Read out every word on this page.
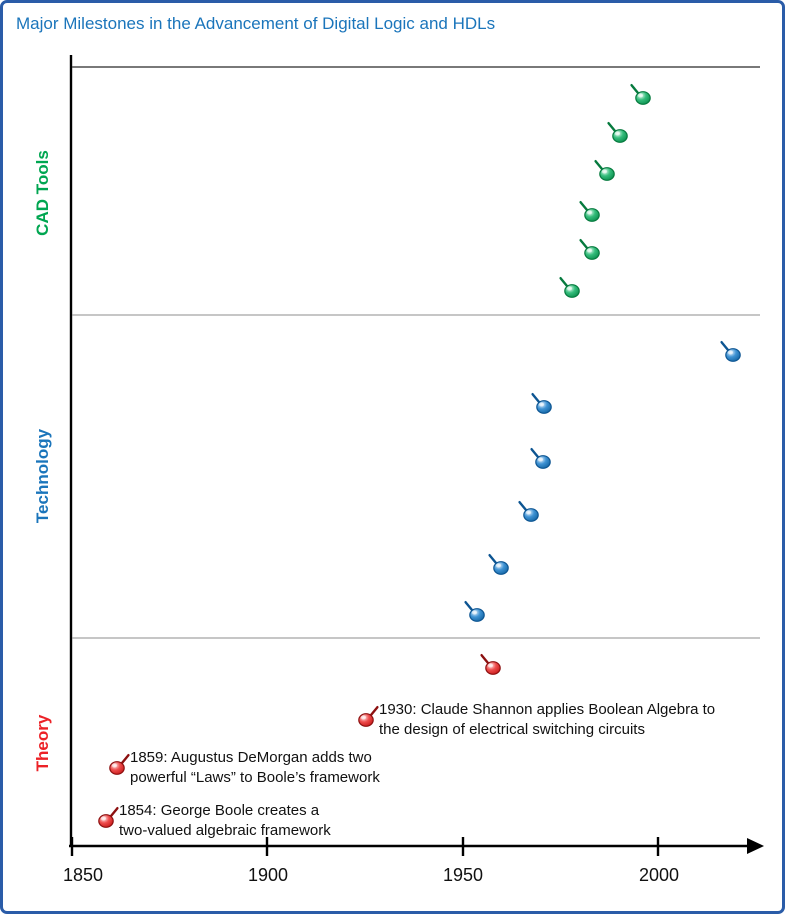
Major Milestones in the Advancement of Digital Logic and HDLs
CAD Tools
Technology
Theory
1930: Claude Shannon applies Boolean Algebra to
the design of electrical switching circuits
1859: Augustus DeMorgan adds two
powerful “Laws” to Boole’s framework
1854: George Boole creates a
two-valued algebraic framework
1850	1900	1950	2000
